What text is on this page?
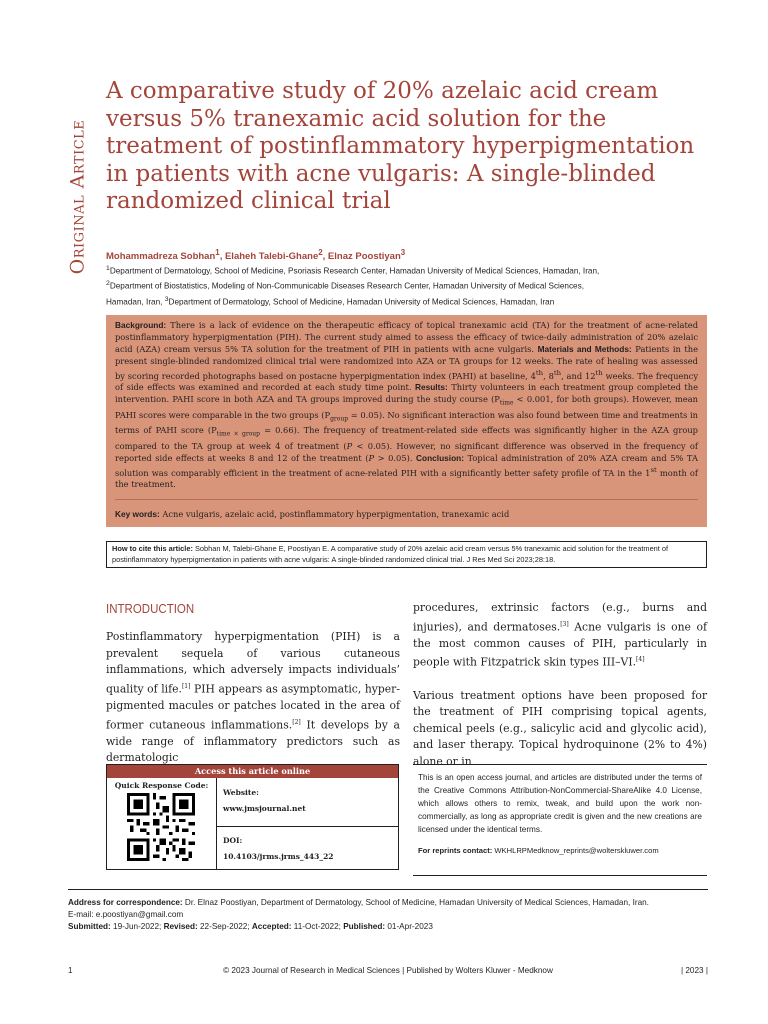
Original Article
A comparative study of 20% azelaic acid cream versus 5% tranexamic acid solution for the treatment of postinflammatory hyperpigmentation in patients with acne vulgaris: A single-blinded randomized clinical trial
Mohammadreza Sobhan$^1$, Elaheh Talebi-Ghane$^2$, Elnaz Poostiyan$^3$
$^1$Department of Dermatology, School of Medicine, Psoriasis Research Center, Hamadan University of Medical Sciences, Hamadan, Iran,
$^2$Department of Biostatistics, Modeling of Non-Communicable Diseases Research Center, Hamadan University of Medical Sciences,
Hamadan, Iran, $^3$Department of Dermatology, School of Medicine, Hamadan University of Medical Sciences, Hamadan, Iran
Background: There is a lack of evidence on the therapeutic efficacy of topical tranexamic acid (TA) for the treatment of acne-related postinflammatory hyperpigmentation (PIH). The current study aimed to assess the efficacy of twice-daily administration of 20% azelaic acid (AZA) cream versus 5% TA solution for the treatment of PIH in patients with acne vulgaris. Materials and Methods: Patients in the present single-blinded randomized clinical trial were randomized into AZA or TA groups for 12 weeks. The rate of healing was assessed by scoring recorded photographs based on postacne hyperpigmentation index (PAHI) at baseline, 4th, 8th, and 12th weeks. The frequency of side effects was examined and recorded at each study time point. Results: Thirty volunteers in each treatment group completed the intervention. PAHI score in both AZA and TA groups improved during the study course ($P_{time} < 0.001$, for both groups). However, mean PAHI scores were comparable in the two groups $(P_{group} = 0.05)$. No significant interaction was also found between time and treatments in terms of PAHI score $(P_{time \times group} = 0.66)$. The frequency of treatment-related side effects was significantly higher in the AZA group compared to the TA group at week 4 of treatment (P < 0.05). However, no significant difference was observed in the frequency of reported side effects at weeks 8 and 12 of the treatment (P > 0.05). Conclusion: Topical administration of 20% AZA cream and 5% TA solution was comparably efficient in the treatment of acne-related PIH with a significantly better safety profile of TA in the 1st month of the treatment.
Key words: Acne vulgaris, azelaic acid, postinflammatory hyperpigmentation, tranexamic acid
How to cite this article: Sobhan M, Talebi-Ghane E, Poostiyan E. A comparative study of 20% azelaic acid cream versus 5% tranexamic acid solution for the treatment of postinflammatory hyperpigmentation in patients with acne vulgaris: A single-blinded randomized clinical trial. J Res Med Sci 2023;28:18.
INTRODUCTION

Postinflammatory hyperpigmentation (PIH) is a prevalent sequela of various cutaneous inflammations, which adversely impacts individuals’ quality of life.[1] PIH appears as asymptomatic, hyper-pigmented macules or patches located in the area of former cutaneous inflammations.[2] It develops by a wide range of inflammatory predictors such as dermatologic

procedures, extrinsic factors (e.g., burns and injuries), and dermatoses.[3] Acne vulgaris is one of the most common causes of PIH, particularly in people with Fitzpatrick skin types III–VI.[4]

Various treatment options have been proposed for the treatment of PIH comprising topical agents, chemical peels (e.g., salicylic acid and glycolic acid), and laser therapy. Topical hydroquinone (2% to 4%) alone or in

Access this article online
Quick Response Code:
Website:
www.jmsjournal.net
DOI:
10.4103/jrms.jrms_443_22
This is an open access journal, and articles are distributed under the terms of the Creative Commons Attribution-NonCommercial-ShareAlike 4.0 License, which allows others to remix, tweak, and build upon the work non-commercially, as long as appropriate credit is given and the new creations are licensed under the identical terms.
For reprints contact: WKHLRPMedknow_reprints@wolterskluwer.com
Address for correspondence: Dr. Elnaz Poostiyan, Department of Dermatology, School of Medicine, Hamadan University of Medical Sciences, Hamadan, Iran.
E-mail: e.poostiyan@gmail.com
Submitted: 19-Jun-2022; Revised: 22-Sep-2022; Accepted: 11-Oct-2022; Published: 01-Apr-2023
1	© 2023 Journal of Research in Medical Sciences | Published by Wolters Kluwer - Medknow	| 2023 |
